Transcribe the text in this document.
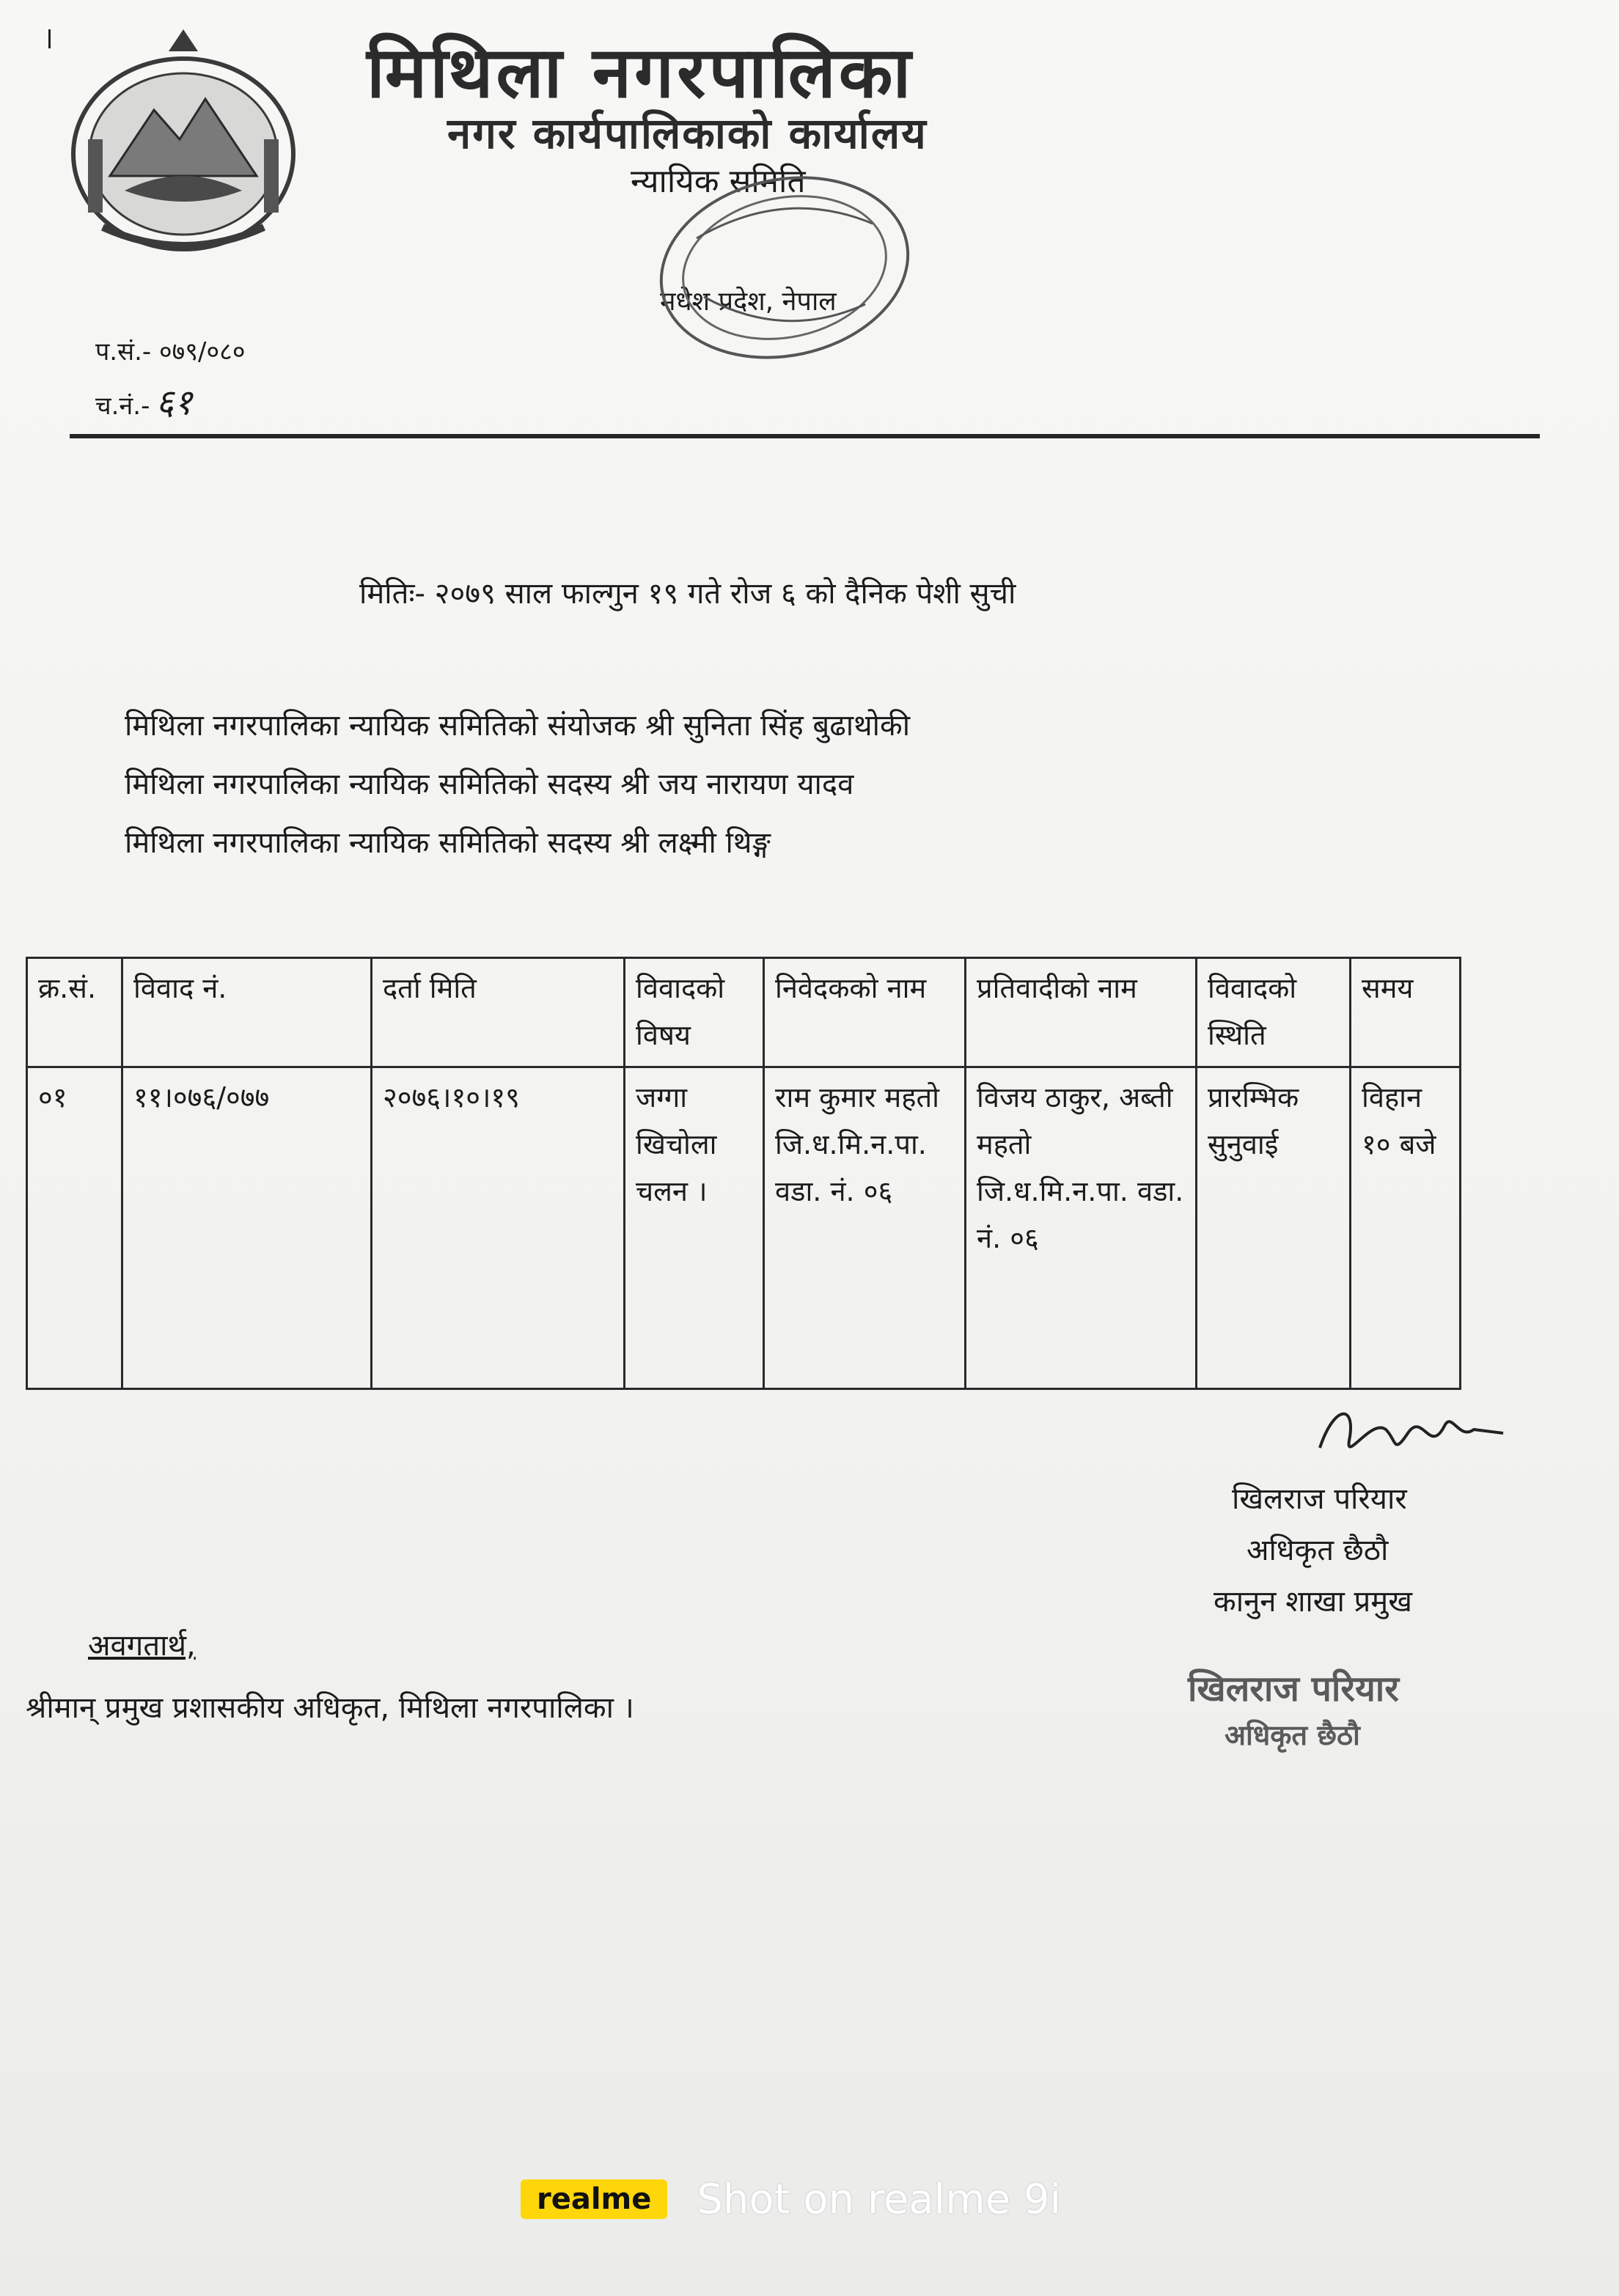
मिथिला नगरपालिका
नगर कार्यपालिकाको कार्यालय
न्यायिक समिति
मधेश प्रदेश, नेपाल
प.सं.- ०७९/०८०
च.नं.- ६१
मितिः- २०७९ साल फाल्गुन १९ गते रोज ६ को दैनिक पेशी सुची
मिथिला नगरपालिका न्यायिक समितिको संयोजक श्री सुनिता सिंह बुढाथोकी
मिथिला नगरपालिका न्यायिक समितिको सदस्य श्री जय नारायण यादव
मिथिला नगरपालिका न्यायिक समितिको सदस्य श्री लक्ष्मी थिङ्ग
क्र.सं.	विवाद नं.	दर्ता मिति	विवादको विषय	निवेदकको नाम	प्रतिवादीको नाम	विवादको स्थिति	समय
०१	११।०७६/०७७	२०७६।१०।१९	जग्गा खिचोला चलन ।	राम कुमार महतो जि.ध.मि.न.पा. वडा. नं. ०६	विजय ठाकुर, अब्ती महतो जि.ध.मि.न.पा. वडा. नं. ०६	प्रारम्भिक सुनुवाई	विहान १० बजे
खिलराज परियार
अधिकृत छैठौ
कानुन शाखा प्रमुख
अवगतार्थ,
श्रीमान् प्रमुख प्रशासकीय अधिकृत, मिथिला नगरपालिका ।	खिलराज परियार
अधिकृत छैठौ
realme	Shot on realme 9i
